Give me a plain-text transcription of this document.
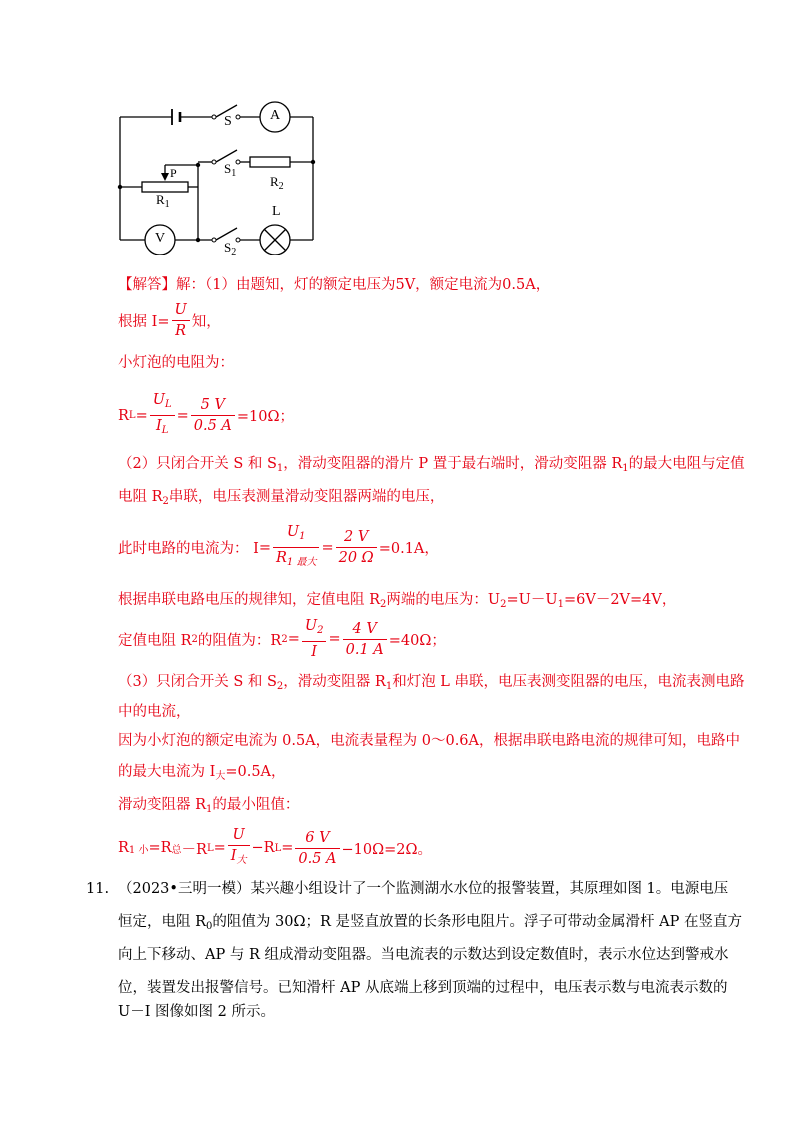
S	A
P	$S_1$
$R_2$
$R_1$	L
V
$S_2$
【解答】解：（1）由题知，灯的额定电压为5V，额定电流为0.5A，
根据 $I= \frac{U}{R}$ 知，
小灯泡的电阻为：
R $L = \frac{U_L}{I_L} = \frac{5 V}{0.5 A} =10\Omega$；
（2）只闭合开关 S 和 $S_1$，滑动变阻器的滑片 P 置于最右端时，滑动变阻器 $R_1$的最大电阻与定值
电阻 $R_2$串联，电压表测量滑动变阻器两端的电压，
此时电路的电流为： $I = \frac{U_1}{R_{1 最大}} = \frac{2 V}{20 \Omega} =0.1A$，
根据串联电路电压的规律知，定值电阻 $R_2$两端的电压为：$U_2=U-U_1=6V-2V=4V$，
定值电阻 R 2 的阻值为：R $2 = \frac{U_2}{I} = \frac{4 V}{0.1 A} =40\Omega$；
（3）只闭合开关 S 和 $S_2$，滑动变阻器 $R_1$和灯泡 L 串联，电压表测变阻器的电压，电流表测电路
中的电流，
因为小灯泡的额定电流为 0.5A，电流表量程为 0～0.6A，根据串联电路电流的规律可知，电路中
的最大电流为 $I_大=0.5A$，
滑动变阻器 $R_1$的最小阻值：
R 1 小 =R 总 －R $L = \frac{U}{I_大} -R$ $L = \frac{6 V}{0.5 A} -10\Omega=2\Omega$。
11. （2023•三明一模）某兴趣小组设计了一个监测湖水水位的报警装置，其原理如图 1。电源电压
恒定，电阻 $R_0$的阻值为 30Ω；R 是竖直放置的长条形电阻片。浮子可带动金属滑杆 AP 在竖直方
向上下移动、AP 与 R 组成滑动变阻器。当电流表的示数达到设定数值时，表示水位达到警戒水
位，装置发出报警信号。已知滑杆 AP 从底端上移到顶端的过程中，电压表示数与电流表示数的
U－I 图像如图 2 所示。
